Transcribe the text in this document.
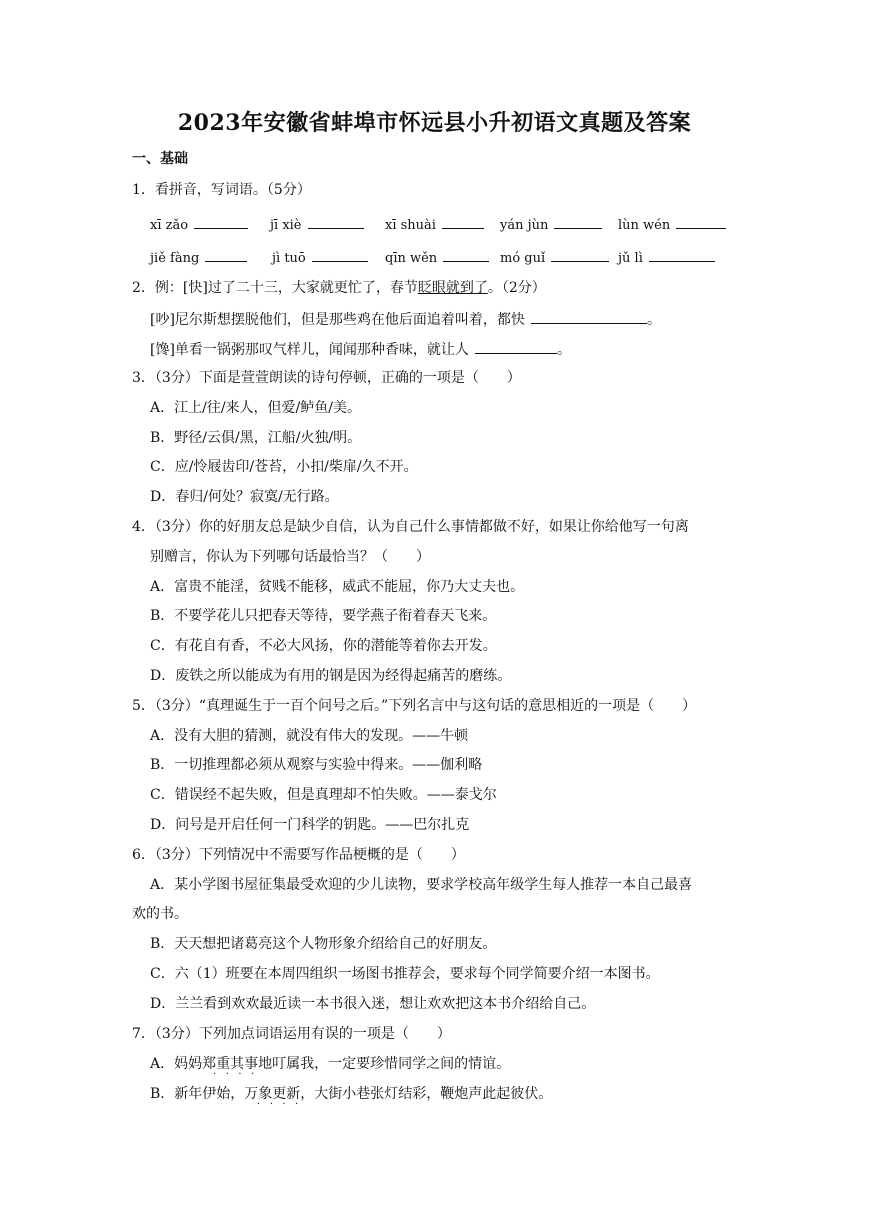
2023年安徽省蚌埠市怀远县小升初语文真题及答案
一、基础
1．看拼音，写词语。（5分）
xī zǎo	jī xiè	xī shuài	yán jùn	lùn wén
jiě fàng	jì tuō	qīn wěn	mó guǐ	jǔ lì
2．例：[快]过了二十三，大家就更忙了，春节眨眼就到了。（2分）
[吵]尼尔斯想摆脱他们，但是那些鸡在他后面追着叫着，都快	。
[馋]单看一锅粥那叹气样儿，闻闻那种香味，就让人	。
3．（3分）下面是萱萱朗读的诗句停顿，正确的一项是（　　）
A．江上/往/来人，但爱/鲈鱼/美。
B．野径/云俱/黑，江船/火独/明。
C．应/怜屐齿印/苍苔，小扣/柴扉/久不开。
D．春归/何处？寂寞/无行路。
4．（3分）你的好朋友总是缺少自信，认为自己什么事情都做不好，如果让你给他写一句离
别赠言，你认为下列哪句话最恰当？（　　）
A．富贵不能淫，贫贱不能移，威武不能屈，你乃大丈夫也。
B．不要学花儿只把春天等待，要学燕子衔着春天飞来。
C．有花自有香，不必大风扬，你的潜能等着你去开发。
D．废铁之所以能成为有用的钢是因为经得起痛苦的磨练。
5．（3分）“真理诞生于一百个问号之后。”下列名言中与这句话的意思相近的一项是（　　）
A．没有大胆的猜测，就没有伟大的发现。——牛顿
B．一切推理都必须从观察与实验中得来。——伽利略
C．错误经不起失败，但是真理却不怕失败。——泰戈尔
D．问号是开启任何一门科学的钥匙。——巴尔扎克
6．（3分）下列情况中不需要写作品梗概的是（　　）
A．某小学图书屋征集最受欢迎的少儿读物，要求学校高年级学生每人推荐一本自己最喜
欢的书。
B．天天想把诸葛亮这个人物形象介绍给自己的好朋友。
C．六（1）班要在本周四组织一场图书推荐会，要求每个同学简要介绍一本图书。
D．兰兰看到欢欢最近读一本书很入迷，想让欢欢把这本书介绍给自己。
7．（3分）下列加点词语运用有误的一项是（　　）
A．妈妈郑重其事地叮属我，一定要珍惜同学之间的情谊。
·   ·   ·   ·
B．新年伊始，万象更新，大街小巷张灯结彩，鞭炮声此起彼伏。
·   ·   ·   ·
